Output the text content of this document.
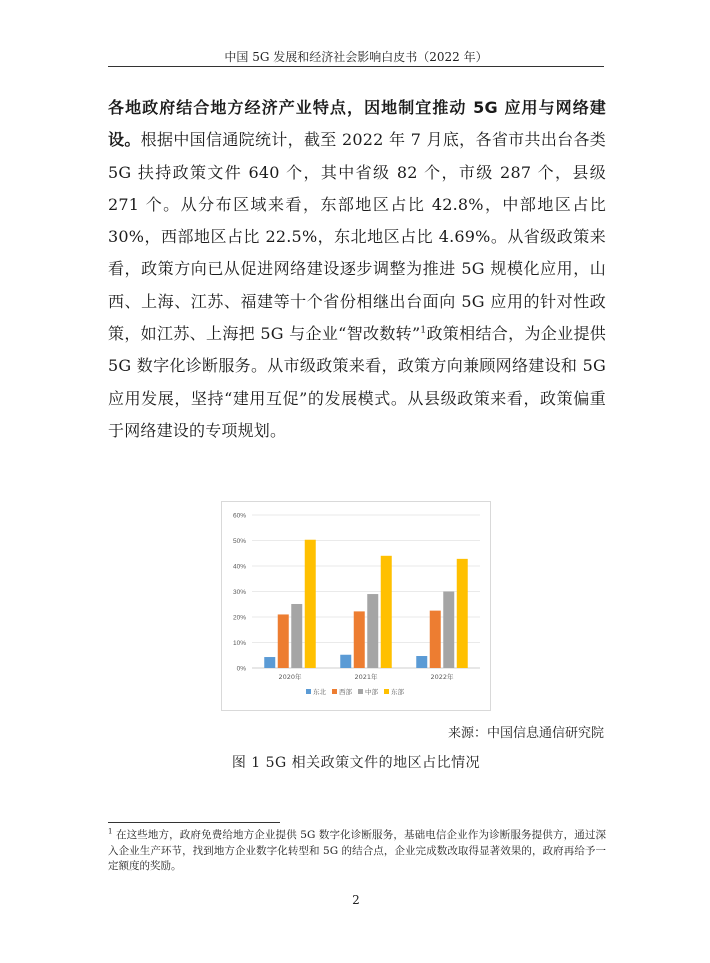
中国 5G 发展和经济社会影响白皮书（2022 年）
各地政府结合地方经济产业特点，因地制宜推动 5G 应用与网络建设。根据中国信通院统计，截至 2022 年 7 月底，各省市共出台各类 5G 扶持政策文件 640 个，其中省级 82 个，市级 287 个，县级 271 个。从分布区域来看，东部地区占比 42.8%，中部地区占比 30%，西部地区占比 22.5%，东北地区占比 4.69%。从省级政策来看，政策方向已从促进网络建设逐步调整为推进 5G 规模化应用，山西、上海、江苏、福建等十个省份相继出台面向 5G 应用的针对性政策，如江苏、上海把 5G 与企业“智改数转”$^1$政策相结合，为企业提供 5G 数字化诊断服务。从市级政策来看，政策方向兼顾网络建设和 5G 应用发展，坚持“建用互促”的发展模式。从县级政策来看，政策偏重于网络建设的专项规划。
0%
10%
20%
30%
40%
50%
60%
2020年	2021年	2022年
东北 西部 中部 东部
来源：中国信息通信研究院
图 1 5G 相关政策文件的地区占比情况
$^1$ 在这些地方，政府免费给地方企业提供 5G 数字化诊断服务，基础电信企业作为诊断服务提供方，通过深入企业生产环节，找到地方企业数字化转型和 5G 的结合点，企业完成数改取得显著效果的，政府再给予一定额度的奖励。
2
